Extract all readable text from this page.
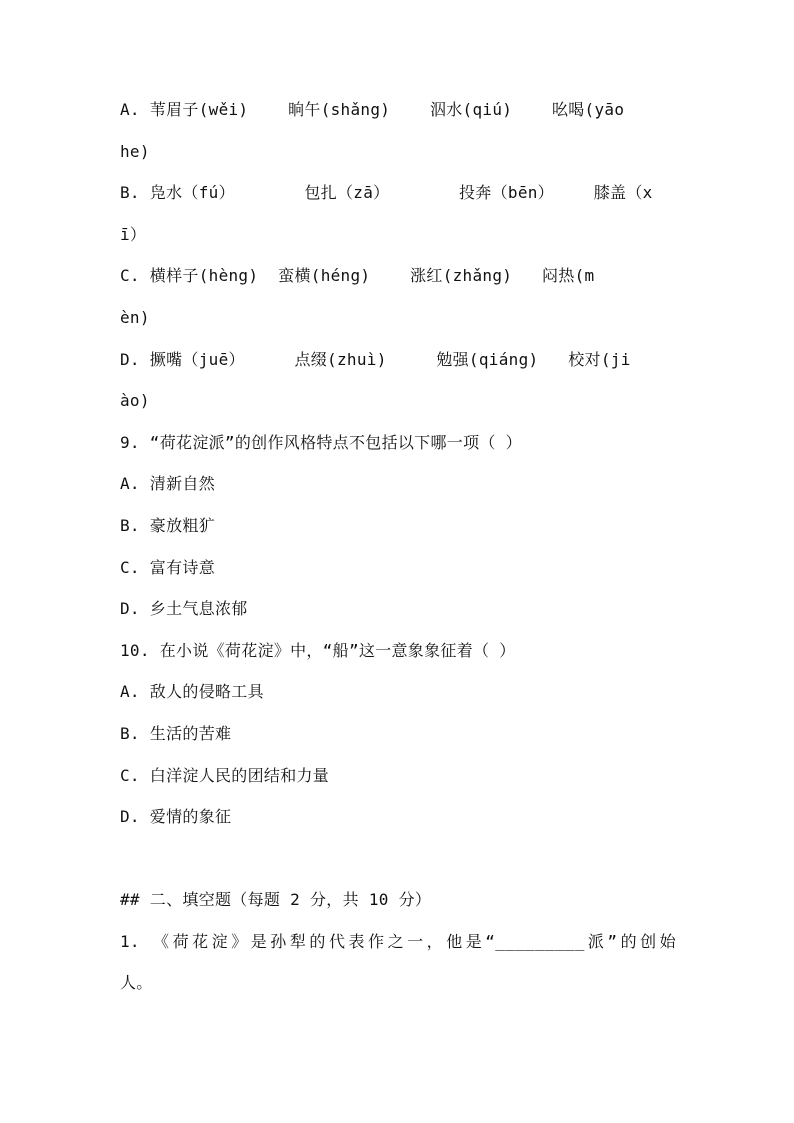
A. 苇眉子(wěi)    晌午(shǎng)    泅水(qiú)    吆喝(yāo
he)
B. 凫水（fú）       包扎（zā）       投奔（bēn）    膝盖（x
ī）
C. 横样子(hèng)  蛮横(héng)    涨红(zhǎng)   闷热(m
èn)
D. 撅嘴（juē）     点缀(zhuì)     勉强(qiáng)   校对(ji
ào)
9. “荷花淀派”的创作风格特点不包括以下哪一项（ ）
A. 清新自然
B. 豪放粗犷
C. 富有诗意
D. 乡土气息浓郁
10. 在小说《荷花淀》中，“船”这一意象象征着（ ）
A. 敌人的侵略工具
B. 生活的苦难
C. 白洋淀人民的团结和力量
D. 爱情的象征
## 二、填空题（每题 2 分，共 10 分）
1. 《荷花淀》是孙犁的代表作之一，他是“_________派”的创始
人。
